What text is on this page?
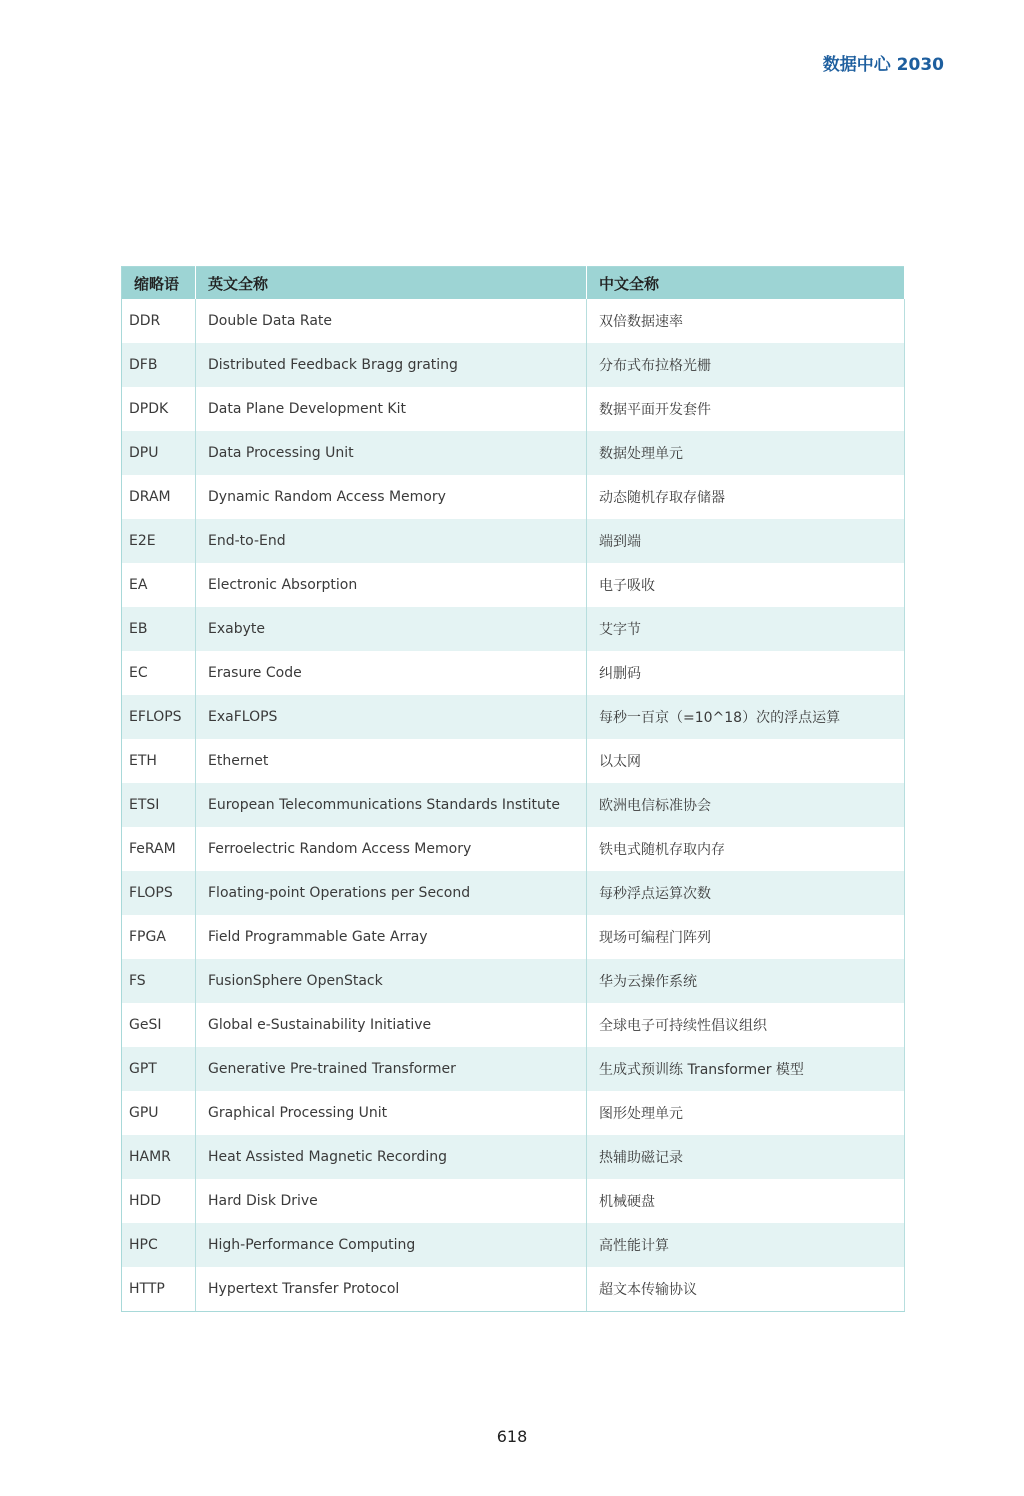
数据中心 2030
缩略语	英文全称	中文全称
DDR	Double Data Rate	双倍数据速率
DFB	Distributed Feedback Bragg grating	分布式布拉格光栅
DPDK	Data Plane Development Kit	数据平面开发套件
DPU	Data Processing Unit	数据处理单元
DRAM	Dynamic Random Access Memory	动态随机存取存储器
E2E	End-to-End	端到端
EA	Electronic Absorption	电子吸收
EB	Exabyte	艾字节
EC	Erasure Code	纠删码
EFLOPS	ExaFLOPS	每秒一百京（=10^18）次的浮点运算
ETH	Ethernet	以太网
ETSI	European Telecommunications Standards Institute	欧洲电信标准协会
FeRAM	Ferroelectric Random Access Memory	铁电式随机存取内存
FLOPS	Floating-point Operations per Second	每秒浮点运算次数
FPGA	Field Programmable Gate Array	现场可编程门阵列
FS	FusionSphere OpenStack	华为云操作系统
GeSI	Global e-Sustainability Initiative	全球电子可持续性倡议组织
GPT	Generative Pre-trained Transformer	生成式预训练 Transformer 模型
GPU	Graphical Processing Unit	图形处理单元
HAMR	Heat Assisted Magnetic Recording	热辅助磁记录
HDD	Hard Disk Drive	机械硬盘
HPC	High-Performance Computing	高性能计算
HTTP	Hypertext Transfer Protocol	超文本传输协议
618
